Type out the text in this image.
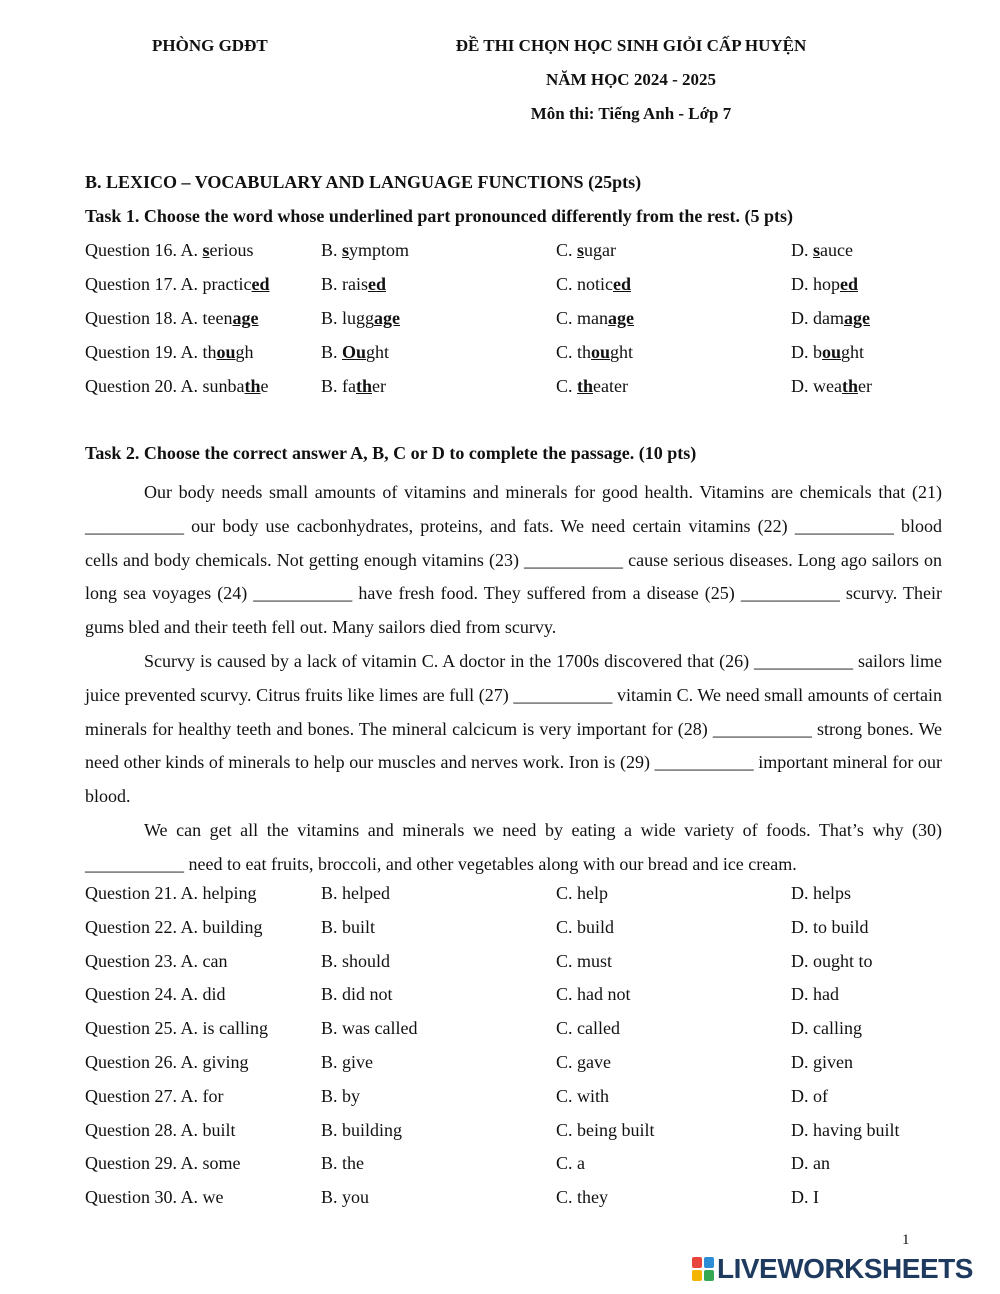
PHÒNG GDĐT	ĐỀ THI CHỌN HỌC SINH GIỎI CẤP HUYỆN
NĂM HỌC 2024 - 2025
Môn thi: Tiếng Anh - Lớp 7
B. LEXICO – VOCABULARY AND LANGUAGE FUNCTIONS (25pts)
Task 1. Choose the word whose underlined part pronounced differently from the rest. (5 pts)
Question 16. A. serious	B. symptom	C. sugar	D. sauce
Question 17. A. practiced	B. raised	C. noticed	D. hoped
Question 18. A. teenage	B. luggage	C. manage	D. damage
Question 19. A. though	B. Ought	C. thought	D. bought
Question 20. A. sunbathe	B. father	C. theater	D. weather
Task 2. Choose the correct answer A, B, C or D to complete the passage. (10 pts)

Our body needs small amounts of vitamins and minerals for good health. Vitamins are chemicals that (21) ___________ our body use cacbonhydrates, proteins, and fats. We need certain vitamins (22) ___________ blood cells and body chemicals. Not getting enough vitamins (23) ___________ cause serious diseases. Long ago sailors on long sea voyages (24) ___________ have fresh food. They suffered from a disease (25) ___________ scurvy. Their gums bled and their teeth fell out. Many sailors died from scurvy.

Scurvy is caused by a lack of vitamin C. A doctor in the 1700s discovered that (26) ___________ sailors lime juice prevented scurvy. Citrus fruits like limes are full (27) ___________ vitamin C. We need small amounts of certain minerals for healthy teeth and bones. The mineral calcicum is very important for (28) ___________ strong bones. We need other kinds of minerals to help our muscles and nerves work. Iron is (29) ___________ important mineral for our blood.

We can get all the vitamins and minerals we need by eating a wide variety of foods. That’s why (30) ___________ need to eat fruits, broccoli, and other vegetables along with our bread and ice cream.

Question 21. A. helping	B. helped	C. help	D. helps
Question 22. A. building	B. built	C. build	D. to build
Question 23. A. can	B. should	C. must	D. ought to
Question 24. A. did	B. did not	C. had not	D. had
Question 25. A. is calling	B. was called	C. called	D. calling
Question 26. A. giving	B. give	C. gave	D. given
Question 27. A. for	B. by	C. with	D. of
Question 28. A. built	B. building	C. being built	D. having built
Question 29. A. some	B. the	C. a	D. an
Question 30. A. we	B. you	C. they	D. I
1
LIVEWORKSHEETS
